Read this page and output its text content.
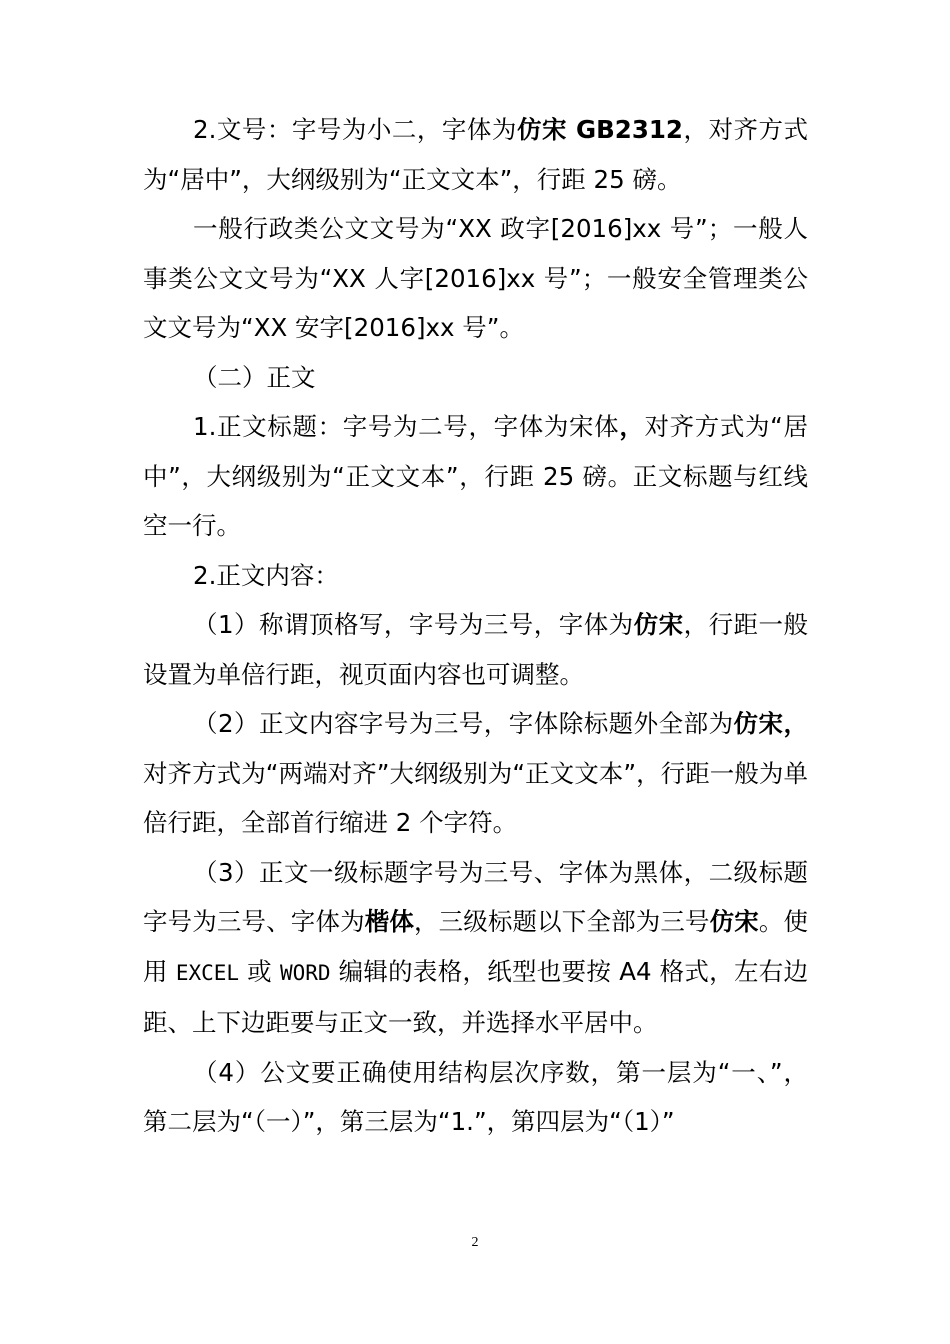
2.文号：字号为小二，字体为仿宋 GB2312，对齐方式为“居中”，大纲级别为“正文文本”，行距 25 磅。

一般行政类公文文号为“XX 政字[2016]xx 号”；一般人事类公文文号为“XX 人字[2016]xx 号”；一般安全管理类公文文号为“XX 安字[2016]xx 号”。

（二）正文

1.正文标题：字号为二号，字体为宋体，对齐方式为“居中”，大纲级别为“正文文本”，行距 25 磅。正文标题与红线空一行。

2.正文内容：

（1）称谓顶格写，字号为三号，字体为仿宋，行距一般设置为单倍行距，视页面内容也可调整。

（2）正文内容字号为三号，字体除标题外全部为仿宋，对齐方式为“两端对齐”大纲级别为“正文文本”，行距一般为单倍行距，全部首行缩进 2 个字符。

（3）正文一级标题字号为三号、字体为黑体，二级标题字号为三号、字体为楷体，三级标题以下全部为三号仿宋。使用 EXCEL 或 WORD 编辑的表格，纸型也要按 A4 格式，左右边距、上下边距要与正文一致，并选择水平居中。

（4）公文要正确使用结构层次序数，第一层为“一、”，第二层为“（一）”，第三层为“1.”，第四层为“（1）”

2
